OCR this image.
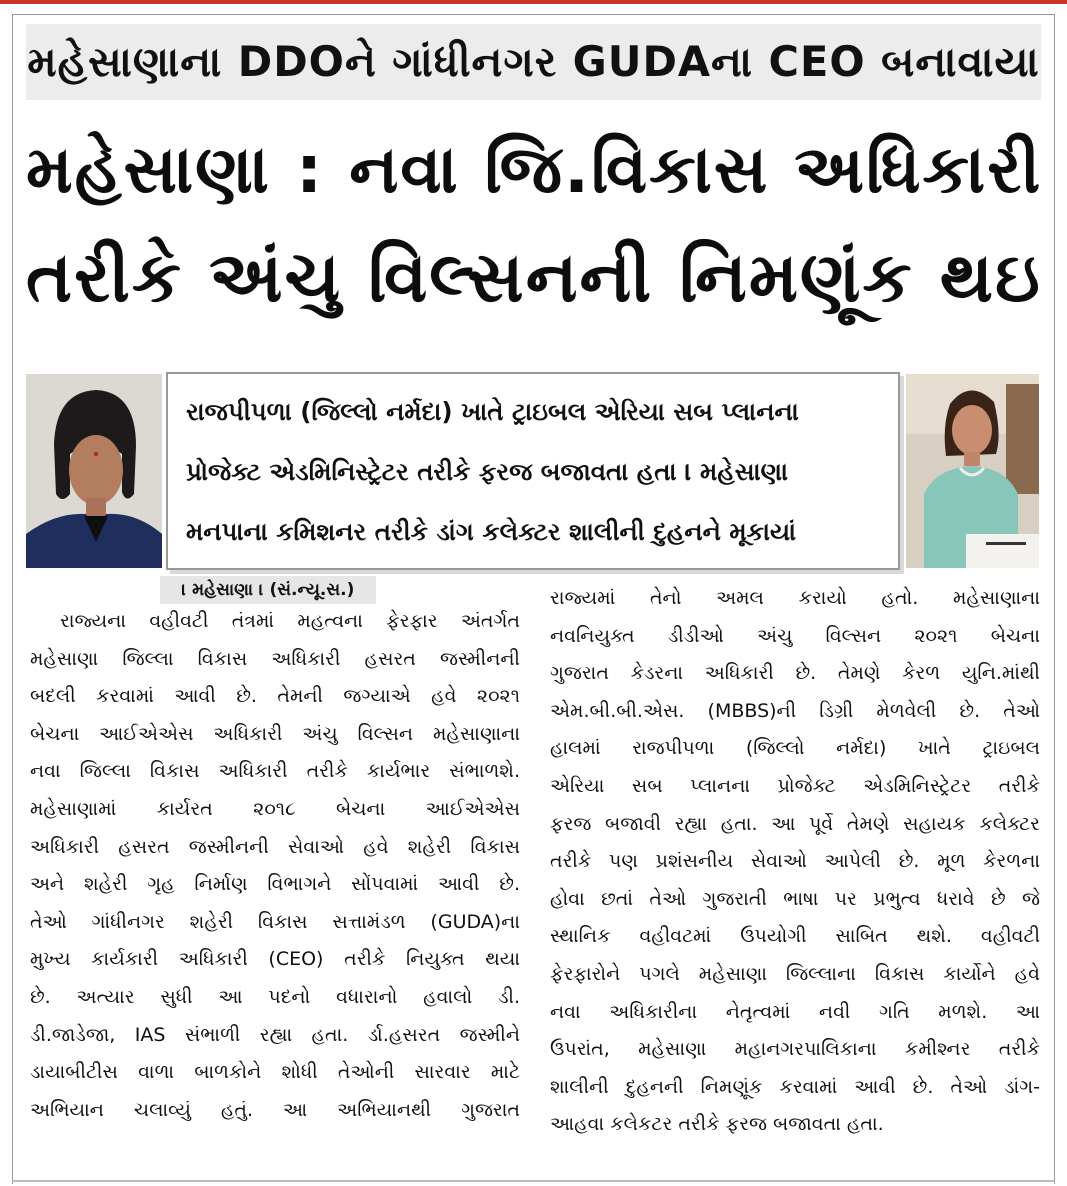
મહેસાણાના DDOને ગાંધીનગર GUDAના CEO બનાવાયા
મહેસાણા : નવા જિ.વિકાસ અધિકારી
તરીકે અંચુ વિલ્સનની નિમણૂંક થઇ
રાજપીપળા (જિલ્લો નર્મદા) ખાતે ટ્રાઇબલ એરિયા સબ પ્લાનના
પ્રોજેક્ટ એડમિનિસ્ટ્રેટર તરીકે ફરજ બજાવતા હતા । મહેસાણા
મનપાના કમિશનર તરીકે ડાંગ કલેક્ટર શાલીની દુહનને મૂકાયાં
। મહેસાણા । (સં.ન્યૂ.સ.)
રાજ્યના વહીવટી તંત્રમાં મહત્વના ફેરફાર અંતર્ગત
મહેસાણા જિલ્લા વિકાસ અધિકારી હસરત જસ્મીનની
બદલી કરવામાં આવી છે. તેમની જગ્યાએ હવે ૨૦૨૧
બેચના આઈએએસ અધિકારી અંચુ વિલ્સન મહેસાણાના
નવા જિલ્લા વિકાસ અધિકારી તરીકે કાર્યભાર સંભાળશે.
મહેસાણામાં કાર્યરત ૨૦૧૮ બેચના આઈએએસ
અધિકારી હસરત જસ્મીનની સેવાઓ હવે શહેરી વિકાસ
અને શહેરી ગૃહ નિર્માણ વિભાગને સોંપવામાં આવી છે.
તેઓ ગાંધીનગર શહેરી વિકાસ સત્તામંડળ (GUDA)ના
મુખ્ય કાર્યકારી અધિકારી (CEO) તરીકે નિયુક્ત થયા
છે. અત્યાર સુધી આ પદનો વધારાનો હવાલો ડી.
ડી.જાડેજા, IAS સંભાળી રહ્યા હતા. ર્ડા.હસરત જસ્મીને
ડાયાબીટીસ વાળા બાળકોને શોધી તેઓની સારવાર માટે
અભિયાન ચલાવ્યું હતું. આ અભિયાનથી ગુજરાત
રાજ્યમાં તેનો અમલ કરાયો હતો. મહેસાણાના
નવનિયુક્ત ડીડીઓ અંચુ વિલ્સન ૨૦૨૧ બેચના
ગુજરાત કેડરના અધિકારી છે. તેમણે કેરળ યુનિ.માંથી
એમ.બી.બી.એસ. (MBBS)ની ડિગ્રી મેળવેલી છે. તેઓ
હાલમાં રાજપીપળા (જિલ્લો નર્મદા) ખાતે ટ્રાઇબલ
એરિયા સબ પ્લાનના પ્રોજેક્ટ એડમિનિસ્ટ્રેટર તરીકે
ફરજ બજાવી રહ્યા હતા. આ પૂર્વે તેમણે સહાયક કલેક્ટર
તરીકે પણ પ્રશંસનીય સેવાઓ આપેલી છે. મૂળ કેરળના
હોવા છતાં તેઓ ગુજરાતી ભાષા પર પ્રભુત્વ ધરાવે છે જે
સ્થાનિક વહીવટમાં ઉપયોગી સાબિત થશે. વહીવટી
ફેરફારોને પગલે મહેસાણા જિલ્લાના વિકાસ કાર્યોને હવે
નવા અધિકારીના નેતૃત્વમાં નવી ગતિ મળશે. આ
ઉપરાંત, મહેસાણા મહાનગરપાલિકાના કમીશ્નર તરીકે
શાલીની દુહનની નિમણૂંક કરવામાં આવી છે. તેઓ ડાંગ-
આહવા કલેકટર તરીકે ફરજ બજાવતા હતા.
